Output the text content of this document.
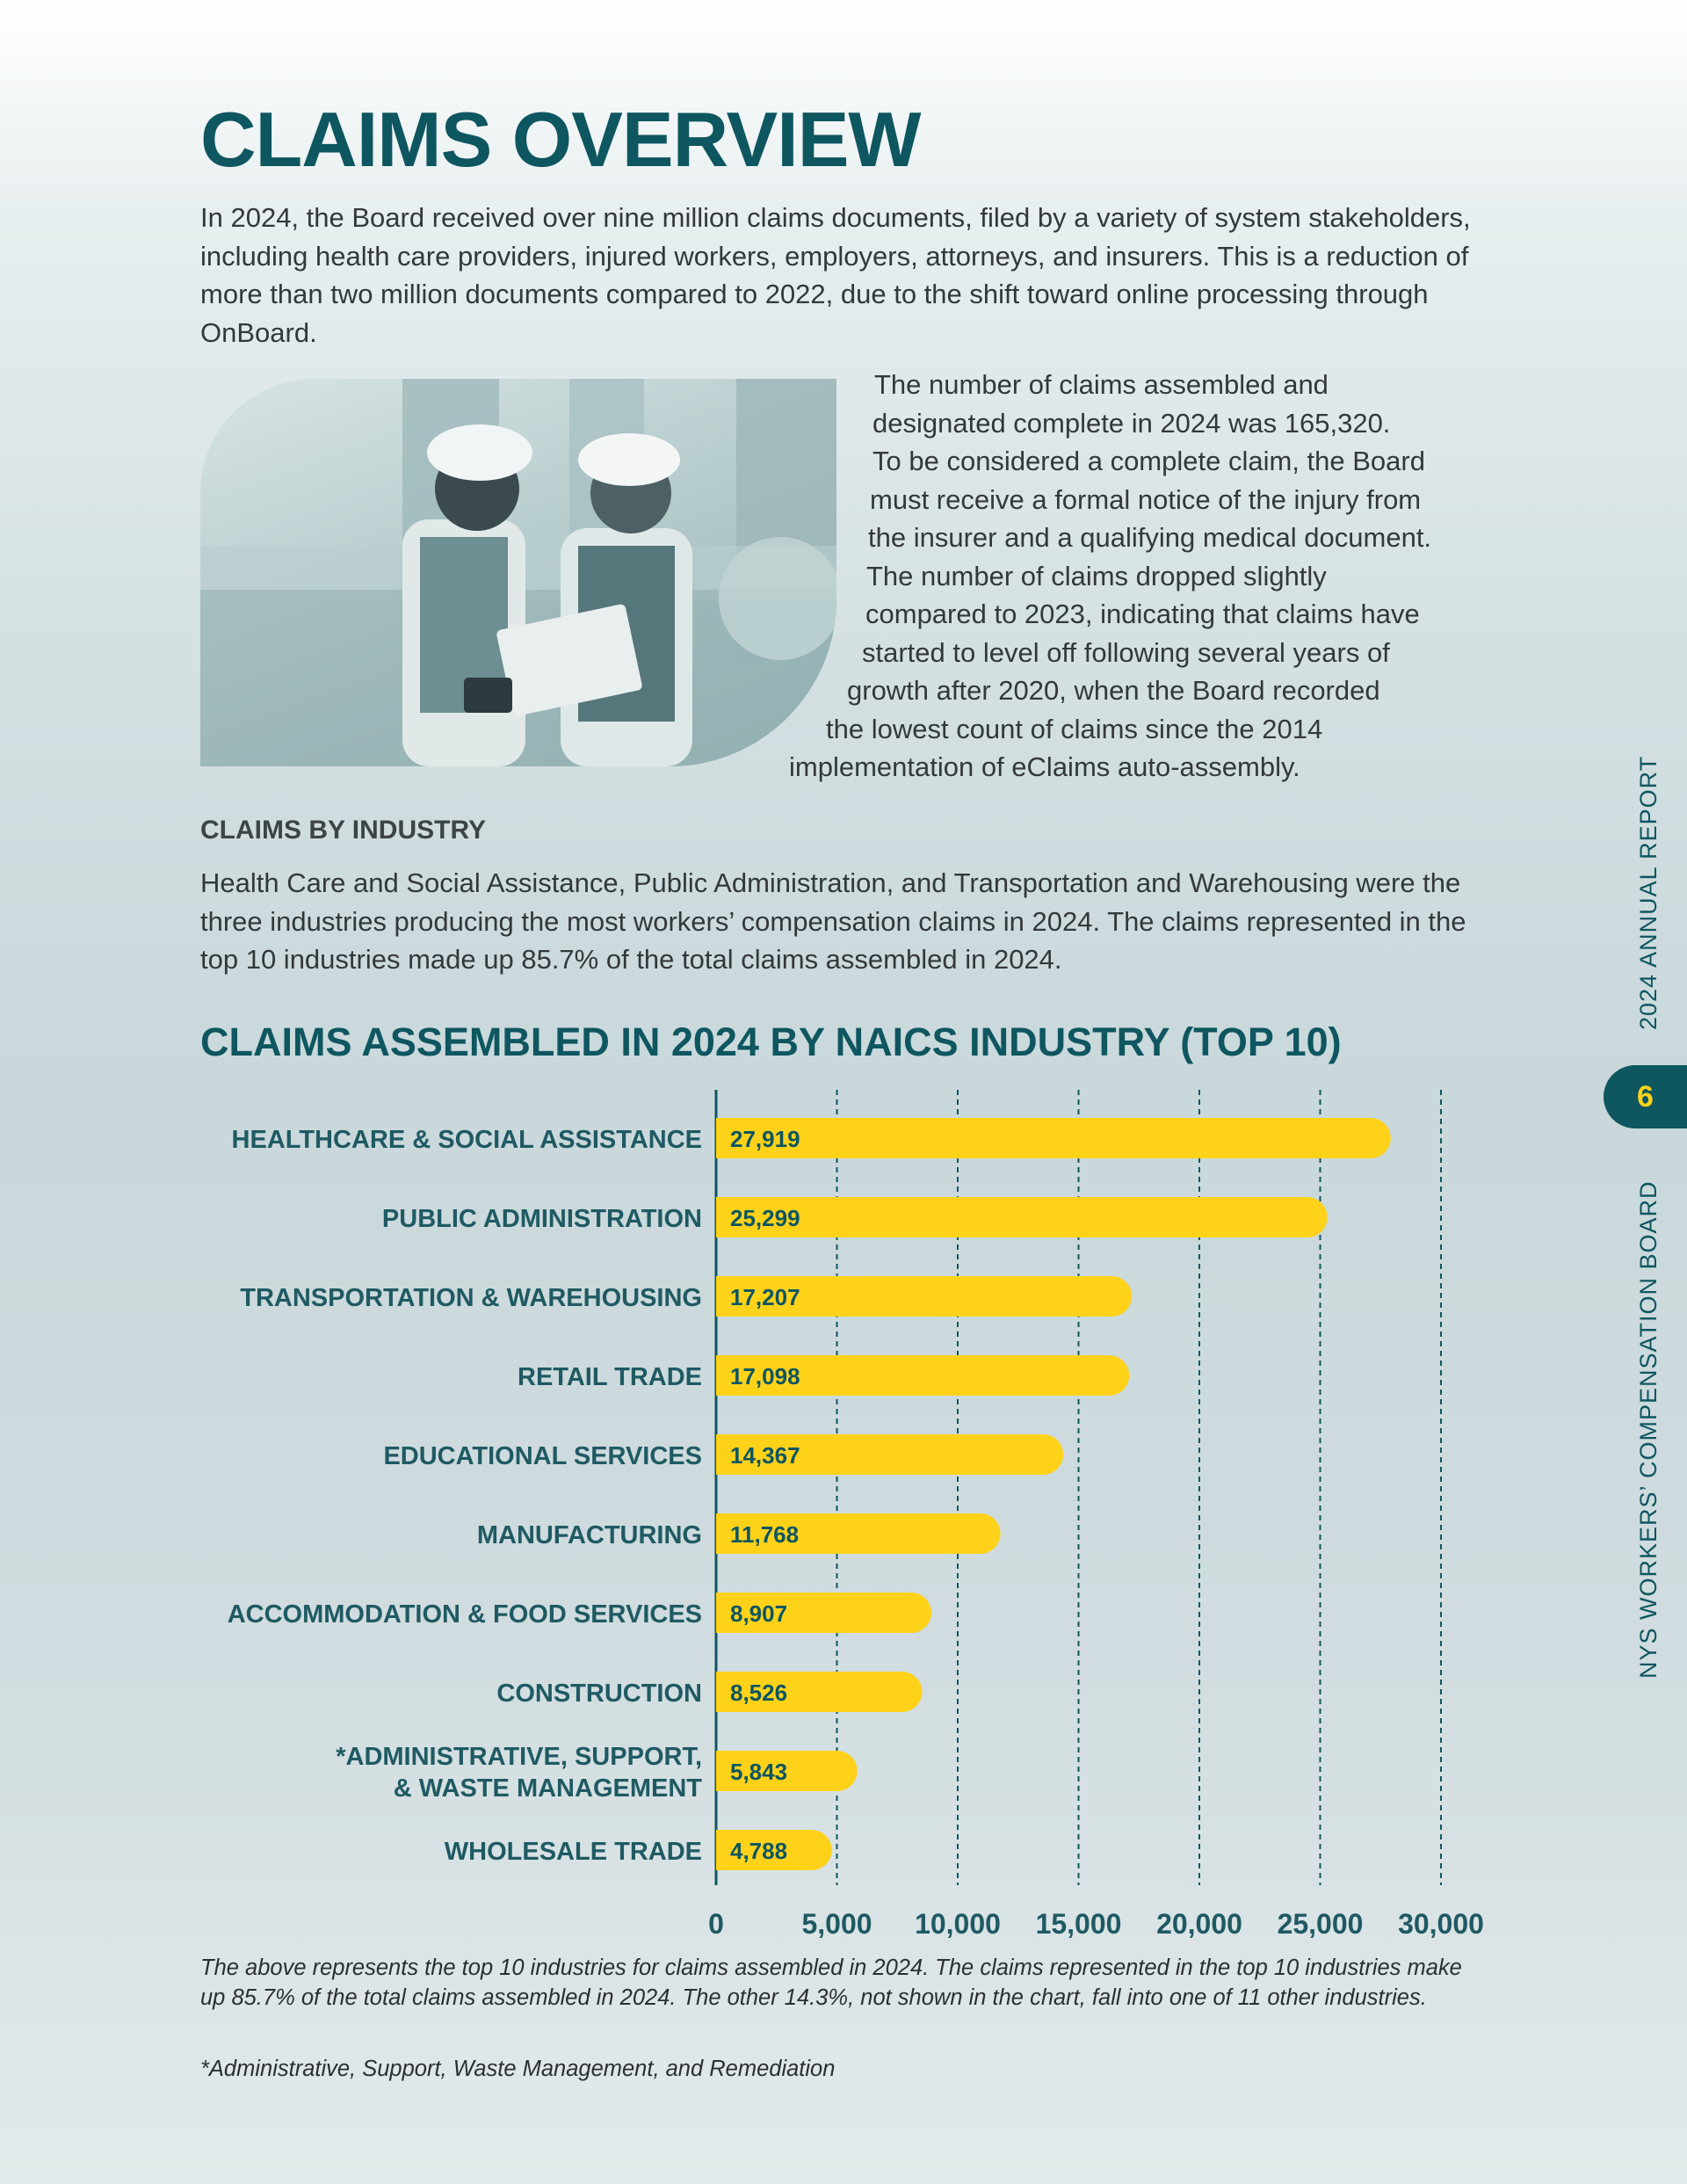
CLAIMS OVERVIEW

In 2024, the Board received over nine million claims documents, filed by a variety of system stakeholders, including health care providers, injured workers, employers, attorneys, and insurers. This is a reduction of more than two million documents compared to 2022, due to the shift toward online processing through OnBoard.

The number of claims assembled and
designated complete in 2024 was 165,320.
To be considered a complete claim, the Board
must receive a formal notice of the injury from
the insurer and a qualifying medical document.
The number of claims dropped slightly
compared to 2023, indicating that claims have
started to level off following several years of
growth after 2020, when the Board recorded
the lowest count of claims since the 2014
implementation of eClaims auto-assembly.
CLAIMS BY INDUSTRY

Health Care and Social Assistance, Public Administration, and Transportation and Warehousing were the three industries producing the most workers’ compensation claims in 2024. The claims represented in the top 10 industries made up 85.7% of the total claims assembled in 2024.

CLAIMS ASSEMBLED IN 2024 BY NAICS INDUSTRY (TOP 10)
0	5,000 10,000 15,000 20,000 25,000 30,000
27,919
HEALTHCARE & SOCIAL ASSISTANCE
25,299
PUBLIC ADMINISTRATION
17,207
TRANSPORTATION & WAREHOUSING
17,098
RETAIL TRADE
14,367
EDUCATIONAL SERVICES
11,768
MANUFACTURING
8,907
ACCOMMODATION & FOOD SERVICES
8,526
CONSTRUCTION
5,843
*ADMINISTRATIVE, SUPPORT,
& WASTE MANAGEMENT
4,788
WHOLESALE TRADE

The above represents the top 10 industries for claims assembled in 2024. The claims represented in the top 10 industries make up 85.7% of the total claims assembled in 2024. The other 14.3%, not shown in the chart, fall into one of 11 other industries.

*Administrative, Support, Waste Management, and Remediation

2024 ANNUAL REPORT
6
NYS WORKERS’ COMPENSATION BOARD
